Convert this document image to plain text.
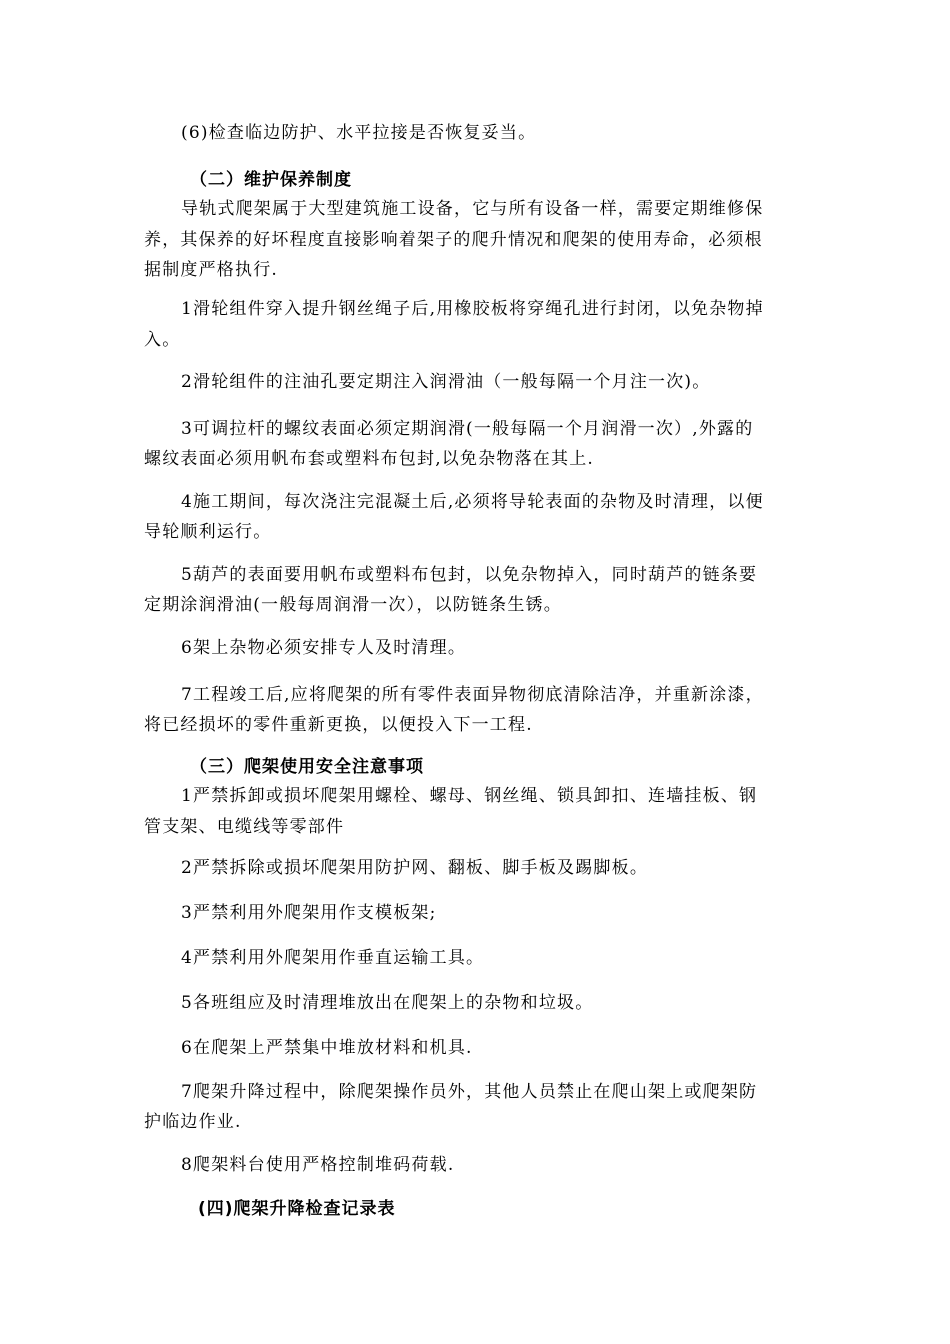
(6)检查临边防护、水平拉接是否恢复妥当。
（二）维护保养制度
导轨式爬架属于大型建筑施工设备，它与所有设备一样，需要定期维修保
养，其保养的好坏程度直接影响着架子的爬升情况和爬架的使用寿命，必须根
据制度严格执行.
1滑轮组件穿入提升钢丝绳子后,用橡胶板将穿绳孔进行封闭，以免杂物掉
入。
2滑轮组件的注油孔要定期注入润滑油（一般每隔一个月注一次)。
3可调拉杆的螺纹表面必须定期润滑(一般每隔一个月润滑一次）,外露的
螺纹表面必须用帆布套或塑料布包封,以免杂物落在其上.
4施工期间，每次浇注完混凝土后,必须将导轮表面的杂物及时清理，以便
导轮顺利运行。
5葫芦的表面要用帆布或塑料布包封，以免杂物掉入，同时葫芦的链条要
定期涂润滑油(一般每周润滑一次），以防链条生锈。
6架上杂物必须安排专人及时清理。
7工程竣工后,应将爬架的所有零件表面异物彻底清除洁净，并重新涂漆，
将已经损坏的零件重新更换，以便投入下一工程.
（三）爬架使用安全注意事项
1严禁拆卸或损坏爬架用螺栓、螺母、钢丝绳、锁具卸扣、连墙挂板、钢
管支架、电缆线等零部件
2严禁拆除或损坏爬架用防护网、翻板、脚手板及踢脚板。
3严禁利用外爬架用作支模板架;
4严禁利用外爬架用作垂直运输工具。
5各班组应及时清理堆放出在爬架上的杂物和垃圾。
6在爬架上严禁集中堆放材料和机具.
7爬架升降过程中，除爬架操作员外，其他人员禁止在爬山架上或爬架防
护临边作业.
8爬架料台使用严格控制堆码荷载.
(四)爬架升降检查记录表
